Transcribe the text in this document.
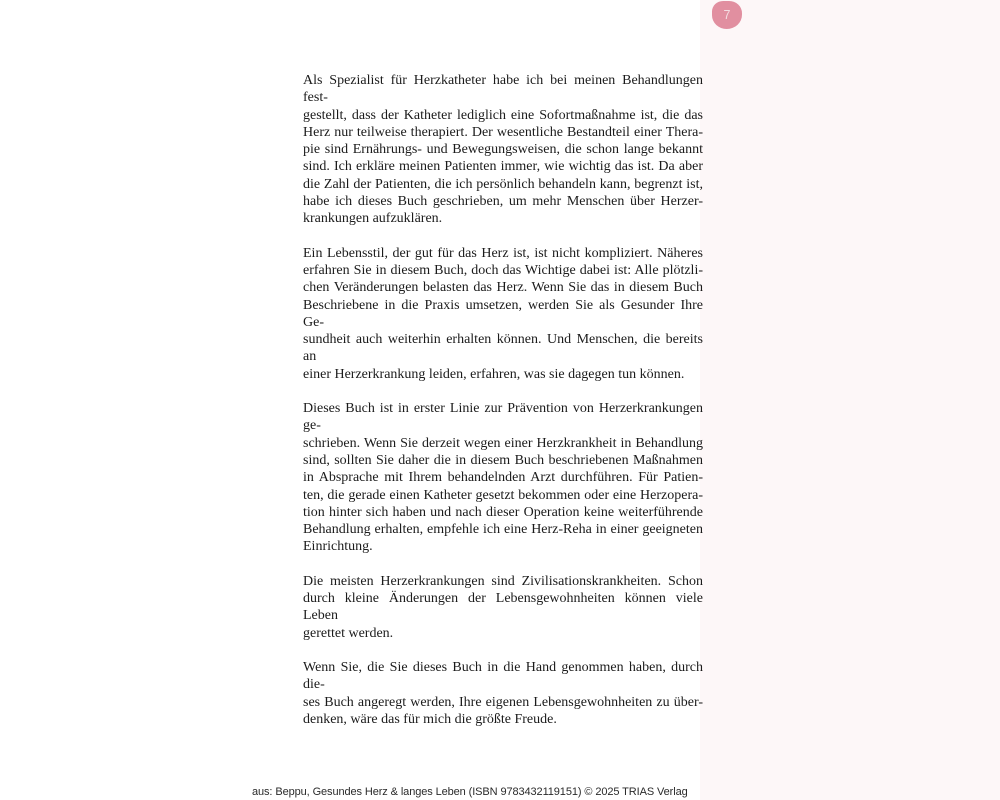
7
Als Spezialist für Herzkatheter habe ich bei meinen Behandlungen fest-
gestellt, dass der Katheter lediglich eine Sofortmaßnahme ist, die das
Herz nur teilweise therapiert. Der wesentliche Bestandteil einer Thera-
pie sind Ernährungs- und Bewegungsweisen, die schon lange bekannt
sind. Ich erkläre meinen Patienten immer, wie wichtig das ist. Da aber
die Zahl der Patienten, die ich persönlich behandeln kann, begrenzt ist,
habe ich dieses Buch geschrieben, um mehr Menschen über Herzer-
krankungen aufzuklären.
Ein Lebensstil, der gut für das Herz ist, ist nicht kompliziert. Näheres
erfahren Sie in diesem Buch, doch das Wichtige dabei ist: Alle plötzli-
chen Veränderungen belasten das Herz. Wenn Sie das in diesem Buch
Beschriebene in die Praxis umsetzen, werden Sie als Gesunder Ihre Ge-
sundheit auch weiterhin erhalten können. Und Menschen, die bereits an
einer Herzerkrankung leiden, erfahren, was sie dagegen tun können.
Dieses Buch ist in erster Linie zur Prävention von Herzerkrankungen ge-
schrieben. Wenn Sie derzeit wegen einer Herzkrankheit in Behandlung
sind, sollten Sie daher die in diesem Buch beschriebenen Maßnahmen
in Absprache mit Ihrem behandelnden Arzt durchführen. Für Patien-
ten, die gerade einen Katheter gesetzt bekommen oder eine Herzopera-
tion hinter sich haben und nach dieser Operation keine weiterführende
Behandlung erhalten, empfehle ich eine Herz-Reha in einer geeigneten
Einrichtung.
Die meisten Herzerkrankungen sind Zivilisationskrankheiten. Schon
durch kleine Änderungen der Lebensgewohnheiten können viele Leben
gerettet werden.
Wenn Sie, die Sie dieses Buch in die Hand genommen haben, durch die-
ses Buch angeregt werden, Ihre eigenen Lebensgewohnheiten zu über-
denken, wäre das für mich die größte Freude.
aus: Beppu, Gesundes Herz & langes Leben (ISBN 9783432119151) © 2025 TRIAS Verlag
